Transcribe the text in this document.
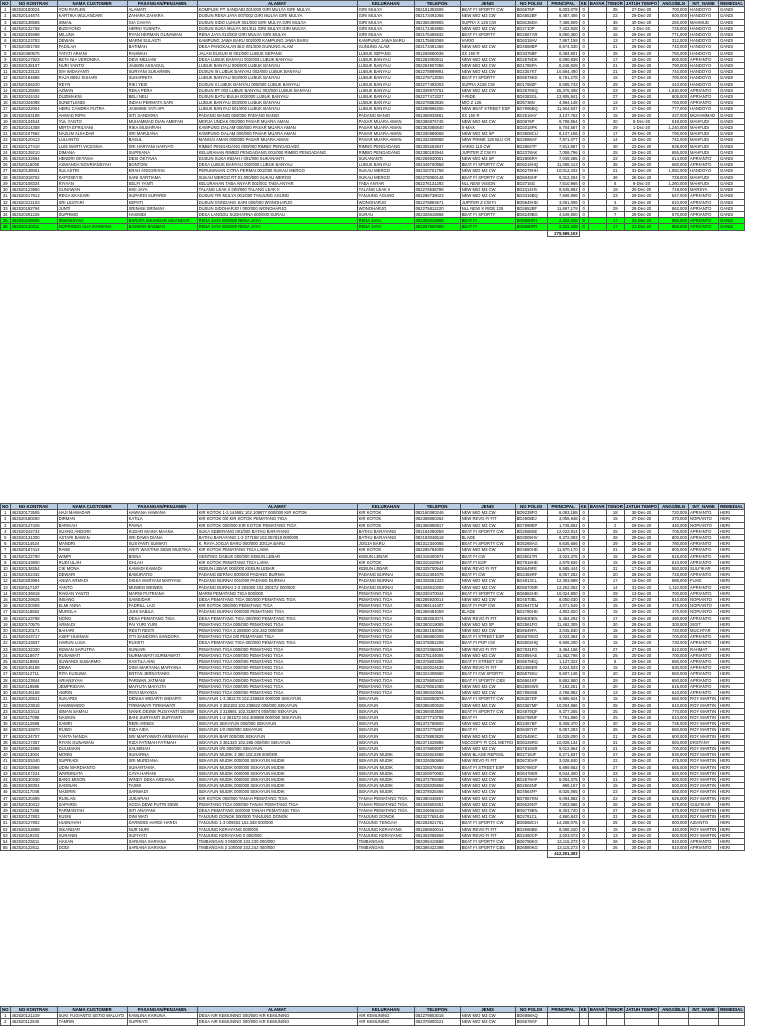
NO	NO KONTRAK	NAMA CUSTOMER	PASANGAN/PENJAMIN	ALAMAT	KELURAHAN	TELEPON	JENIS	NO POLISI	PRINCIPAL	KE	BAYAR	TENOR	JATUH TEMPO	ANGS/BLN	INT_NAME	REMEDIAL
1	462520180024	YON RAFLEN	ALAMATI	KOMPLEK PT SANDABI 001/000 GIRI MULYA GIRI MULYA	GIRI MULYA	082181362508	BEAT FI SPORTY CW	BD6675P	6,003,079	0		35	27-Dec-20	700,000	HANDOYO	GANDI
2	462520144874	KARTIKA WULANDARI	ZAHARA ZAHARA	DUSUN RENA JAYA 007/002 GIRI MULYA GIRI MULYA	GIRI MULYA	082173491066	NEW MIO M3 CW	BD4852BF	8,487,406	0		22	29-Dec-20	600,000	HANDOYO	GANDI
3	462520138585	ISMAIL	GIA CAHYA	DUSUN SIDO LUHUR 001/000 GIRI MULYA GIRI MULYA	GIRI MULYA	082356499993	SUPRA X 125 CW	BD8136DA	7,466,809	0		35	30-Dec-20	250,000	MAHMUD	GANDI
4	462520132758	BUDIYONO	HERNI YUSNITA	DUSUN SUKA MULYA 001/011 GIRI MULYA GIRI MULYA	GIRI MULYA	082172454955	NEW MIO M3 CW	BD2710P	7,422,928	0		28	2-Dec-20	725,000	HANDOYO	GANDI
5	462520109498	MILUNA	RYAN HERMAN GUNAWAN	RENA JAYA 012/003 GIRI MULYA GIRI MULYA	GIRI MULYA	082175465932	BEAT FI SPORTY	BD2567AR	9,060,350	0		15	28-Dec-20	771,000	HANDOYO	GANDI
6	462520123793	DEWAN	MARNI SULASTI	KAMPUNG JAWA BARU 002/000 KAMPUNG JAWA BARU	KAMPUNG JAWA BARU	082175682068	VARIO	BD6318AV	7,867,159	0		13	27-Dec-20	312,000	HANDOYO	GANDI
7	462520401758	FADILAH	BATIMAH	DESA PANGKALAN BIJI 001/000 GUNUNG ALAM	GUNUNG ALAM	082173491466	NEW MIO M3 CW	BD4868BP	6,674,330	0		21	29-Dec-20	740,000	HANDOYO	GANDI
8	462520460575	YATATI ARIANI	RAHMAH	JALAN DUSUN III 001/000 LUBUK SEPANG	LUBUK SEPANG	082269590039	SX 150 R	BD3376BF	8,484,801	0		25	28-Dec-20	750,000	HANDOYO	GANDI
9	462520127923	BETA NIA VERONIKA	DEVI MELIANI	DESA LUBUK BANYAU 002/003 LUBUK BANYAU	LUBUK BANYAU	082282050611	NEW MIO M3 CW	BD2678DK	6,080,838	0		17	18-Dec-20	800,000	APRIANTO	GANDI
10	462520138107	NURI YANTO	JASMIN ASSAGUL	LUBUK BANYAU 006/000 LUBUK BANYAU	LUBUK BANYAU	082284907056	NEW MIO M3 CW	BD1785PA	8,246,928	0		21	26-Dec-20	790,000	HANDOYO	GANDI
11	462520133122	SIH WIDAYANTI	SURYANI SUKARMIN	DUSUN III LUBUK BANYAU 002/000 LUBUK BANYAU	LUBUK BANYAU	082278899991	NEW MIO M3 CW	BD2357KT	10,564,490	0		21	26-Dec-20	740,000	HANDOYO	GANDI
12	462520184866	RAJA IBNU SUHARI	SUHARNITA	LUBUK BANYAU 004/000 LUBUK BANYAU	LUBUK BANYAU	082278713050	BEAT FI SPORTY	BD6879KD	8,761,278	0		18	27-Dec-20	790,000	HANDOYO	GANDI
13	462520166220	REYN	RIKI YESI	DUSUN II LUBUK BANYAU 005/000 LUBUK BANYAU	LUBUK BANYAU	082277492003	SUPRA X125 CW	BD1768ZF	8,085,743	0		29	29-Dec-20	410,000	HANDOYO	GANDI
14	462520125506	AZMAN	REKA PERA	DUSUN RT 003 LUBUK BANYAU 003/000 LUBUK BANYAU	LUBUK BANYAU	082339970751	NEW MIO M3 CW	BD2676KQ	25,376,308	0		23	30-Dec-20	1,630,000	APRIANTO	GANDI
15	462520242424	DUZIMAKNI	BELI NELI	DUSUN BATU BULIH 002/000 LUBUK BANYAU	LUBUK BANYAU	082277473327	Y-RIDE	BD4383GL	13,905,941	0		27	29-Dec-20	805,000	APRIANTO	GANDI
16	462520344088	SUNETLENDI	INDAH PERMATA SARI	LUBUK BANYAU 003/000 LUBUK BANYAU	LUBUK BANYAU	082278883836	MIO Z 125	BD5738N	4,964,148	0		13	15-Dec-20	760,000	APRIANTO	GANDI
17	462520232004	HERU CANDRA PUTRA	JASMINE YATI API	LUBUK BANYAU 001/000 LUBUK BANYAU	LUBUK BANYAU	082288896255	NEW BEAT STREET ESP	BD7995BQ	11,504,537	0		27	17-Dec-20	777,000	HANDOYO	GANDI
18	462520193188	AHMAD RIPAI	SITI SANDORA	PADANG BANIO 000/000 PADANG BANIO	PADANG BANIO	082368833561	SX 150 R	BD2518AY	3,137,762	0		15	28-Dec-20	437,000	MUHAMMAD	GANDI
19	462520134544	YUL YANTO	MUHAMMAD DIAN AMEFAN	MERJA UNDAK 000/000 PASAR MUARA AMAN	PASAR MUARA AMAN	082386876745	NEW MIO M3 CW	BD0876P	9,798,654	0		30	8-Dec-20	548,000	MAHFUDI	GANDI
20	462520214358	MIRTA EFRILYANI	RIKA MUSHFIAH	KAMPUNG DALAM 000/000 PASAR MUARA AMAN	PASAR MUARA AMAN	082363088840	X-MAX	BD2018PK	5,704,567	0		29	1-Dec-20	1,240,000	MAHFUDI	GANDI
21	462520107982	NAZLIM ALKADAR	SRI MARJIANA	KAMPUNG DALAM 000/000 PASAR MUARA AMAN	PASAR MUARA AMAN	082330989068	NEW MIO M3 SP	BD3608CU	8,137,156	0		17	29-Dec-20	790,000	MAHFUDI	GANDI
22	462520120413	LULIANTO	BASUL	MANGAI AMAN 000/000 PASAR MUARA AMAN	PASAR MUARA AMAN	082332208068	NEW PRIME 125 BLU CR	BD2868AF	7,871,077	0		14	15-Dec-20	742,000	MAHFUDI	GANDI
23	462520127410	LUIS MARTI VICESSIA	SRI HARYANI HARYATI	RIMBO PENGADANG 000/000 RIMBO PENGADANG	RIMBO PENGADANG	082305263847	VARIO 110 CW	BD2864TF	7,813,857	0		30	23-Dec-20	835,000	MAHFUDI	GANDI
24	462520139210	DIMANA	SUPRIANA	KELURAHAN RIMBO PENGADANG 001/000 RIMBO PENGADANG	RIMBO PENGADANG	082380193944	JUPITER Z CW FI	BD2378AK	7,058,796	0		25	25-Dec-20	655,000	MAHFUDI	GANDI
25	462520132964	HENDRI OKTAVIA	DESI OKTAVIA	DUSUN SUKA INDAH I 001/000 SUKANANTI	SUKANANTI	082256930051	NEW MIO M3 SP	BD2806RY	7,049,285	0		22	22-Dec-20	614,000	APRIANTO	GANDI
26	462520118006	ASWANDA NOVRIANSYAH	BONTONI	DESA LUBUK BANYAU 002/000 LUBUK BANYAU	LUBUK BANYAU	082349700958	BEAT FI SPORTY CW	BD6219HQ	11,068,413	0		35	29-Dec-20	680,000	APRIANTO	GANDI
27	462520138061	SULASTRI	ERAH ANGGRAINI	PERUMAHAN CITRA PERMAI 001/000 SUKAU MERGO	SUKAU MERGO	082320701758	NEW MIO M3 CW	BD6279HH	10,012,432	0		21	31-Dec-20	1,050,000	HANDOYO	GANDI
28	462520318752	KAPOSEYIS	SANI SARTIAMA	SUKAU MERGO RT 01 000/000 SUKAU MERGO	SUKAU MERGO	082278050146	BEAT FI SPORTY CW	BD6948HF	6,312,204	0		36	26-Dec-20	728,000	MAHFUDI	GANDI
29	462520108324	RIYAAN	SELFI YANTI	KELURAHAN TABA ANYAR 002/001 TABA ANYAR	TABA ANYAR	082276131292	NLL NEW VISION	BD3716G	7,510,966	0		8	8-Dec-20	1,260,000	MAHFUDI	GANDI
30	462520123960	GUNAWAN	KIKI JAYA	TALANG LEAK II 000/000 TALANG LEAK II	TALANG LEAK II	082276536798	NEW MIO M3 CW	BD2414HV	8,545,862	0		19	20-Dec-20	718,000	MARSYA	GANDI
31	462520217913	REGA EKASARI	SUPARDI SUPARDI	DUSUN TRI MULYA 001/000 TANJUNG AGUNG	TANJUNG AGUNG	082286738023	NEW MIO M3 CW	BD3316BQ	7,606,998	0		23	29-Dec-20	547,000	APRIANTO	GANDI
32	462520212103	SRI LESTARI	KEPATI	DUSUN GONDANG SARI 000/000 WONOHARJO	WONOHARJO	082278893571	JUPITER Z CW FI	BD6949HD	3,061,096	0		4	29-Dec-20	810,000	APRIANTO	GANDI
33	462520182794	JUNTI	SRINANI SRINANI	DUSUN SIDOHARJO I 000/000 WONOHARJO	WONOHARJO	082275812220	NLL NEW X RIDE 125	BD3652BF	11,667,179	0		29	28-Dec-20	862,000	APRIANTO	GANDI
34	462520291226	SUPRIMO	HASMIDI	DESA LANGDU SUDHARNA 000/000 SURAU	SURAU	082326618866	BEAT FI SPORTY	BD6249BG	4,649,800	0		7	29-Dec-20	570,000	APRIANTO	GANDI
35	462520108695	IRWANSYAH	BARATA ISKANDAR ISKANDAR	RENA JAYA 000/000 RENA JAYA	RENA JAYA	082353016808	BEAT FI	BD6580FH	2,422,348	0		17	31-Dec-20	860,000	APRIANTO	GANDI
36	462520130311	NOPRINDO ALIA IKHWANA	BASMAN BASMAN	RENA JAYA 000/000 RENA JAYA	RENA JAYA	082257680089	BEAT FI	BD6580FR	2,222,348	0		17	31-Dec-20	860,000	APRIANTO	GANDI
									279,589,103							
NO	NO KONTRAK	NAMA CUSTOMER	PASANGAN/PENJAMIN	ALAMAT	KELURAHAN	TELEPON	JENIS	NO POLISI	PRINCIPAL	KE	BAYAR	TENOR	JATUH TEMPO	ANGS/BLN	INT_NAME	REMEDIAL
1	462520173505	HAJI MAWADAR	HAWANA HAWANA	KIR KOTOK 1-3 144682 102.108677 000/000 KIR KOTOK	KIR KOTOK	082190380246	NEW MIO M3 CW	BD6239FG	6,093,188	0		18	30-Dec-20	720,000	APRIANTO	HERI
2	462520180260	DIRMAN	KATILA	KIR KOTOK 0/0 KIR KOTOK PEMATANG TIGA	KIR KOTOK	082366890264	NEW REVO FI FIT	BD4908EJ	3,055,948	0		15	27-Dec-20	370,000	NOPIANTO	HERI
3	462520127425	BARIKAH	PAVNA	KIR KOTOK 000/000 KIR KOTOK PEMATANG TIGA	KIR KOTOK	082366890817	NEW MIO M3 CW	BD7998EP	1,745,652	0		2	29-Dec-20	440,000	NOPIANTO	HERI
4	462520242734	SUANG ANDORI	KUDAR MAINA MAANA	SUKA SEBERANG 001/000 BATHU BARAYANG	BATHU BARAYANG	082184050059	BEAT FI SPORTY CW	BD2568SE	12,022,914	0		25	29-Dec-20	705,000	APRIANTO	HERI
5	462520131300	ASTARI BAWAN	SRI DAWA DIANA	BATHU BARAYANG 1-3 277158 102.057818 000/000	BATHU BARAYANG	082183046519	BLADE	BD3009HV	9,372,083	0		28	29-Dec-20	800,000	APRIANTO	HERI
6	462520114524	MANDRI	SUSYANTI SUMIATI	K. RAYA JOGJA BARU 000/000 JOGJA BARU	JOGJA BARU	082312340065	BEAT FI SPORTY CW	BD5268AG	9,635,656	0		29	29-Dec-20	780,000	APRIANTO	HERI
7	462520187412	RANE	ANITI WASTINA DEWI MUSTIKA	KIR KOTOK PEMATANG TIGA LAMA	KIR KOTOK	082285784009	NEW MIO M3 CW	BD4860HD	11,870,170	0		31	29-Dec-20	800,000	APRIANTO	HERI
8	462520122790	WIMPI	BISNA	GENTING DABUK 000/000 KEBUN LEBAR	KEBUN LEBAR	082318400974	BEAT FI CW	BD2801TR	3,023,375	0		15	29-Dec-20	615,000	APRIANTO	HERI
9	462520143800	RUDI ULAH	DHLAH	KIR KOTOK PEMATANG TIGA LAMA	KIR KOTOK	082310220847	BEAT FI ESP	BD7818HD	2,679,926	0		15	28-Dec-20	610,000	APRIANTO	HERI
10	462520138354	CIK MONA	KAMADI KAMADI	KEBUN LEBAR 000/000 KEBUN LEBAR	KEBUN LEBAR	082325700544	NEW REVO FI FIT	BD6649FE	6,585,444	0		31	17-Dec-20	550,000	SULFIKAR	HERI
11	462520152432	DEWARI	BABURATIO	PADANG BERNAI 000/000 PADANG BURNAI	PADANG BURNAI	082312404078	BEAT FI CW	BD2484RF	8,057,282	0		20	28-Dec-20	725,000	APRIANTO	HERI
12	462520203994	ANIZA ARMADI	DISKA MARYANI MARYANI	PADANG BURNAI 001/000 PADANG BURNAI	PADANG BURNAI	082328261322	NEW MIO M3 CW	BD4813CL	12,383,888	0		17	15-Dec-20	686,000	FUAD	HERI
13	462520117107	YANTO	MUWEN WEWEN	PADANG BURNAI 1-3 292000 102.200172 000/000	PADANG BURNAI	082326610300	NEW MIO M3 CW	BD5670NR	12,252,052	0		14	31-Dec-20	1,110,000	APRIANTO	HERI
14	462520136818	RAKIAN YANTO	MARNI PUTRIANA	MARNI PEMATANG TIGA 000/000	PEMATANG TIGA	082330470044	BEAT FI SPORTY CW	BD6884HD	10,024,800	0		29	13-Dec-20	700,000	APRIANTO	HERI
15	462520129826	INSANG	SAMSIDAR	DESA PEMATANG TIGA 000/000 PEMATANG TIGA	PEMATANG TIGA	082285920014	NEW MIO M3 CW	BD4570BL	8,050,030	0		18	27-Dec-20	810,000	NOPIANTO	HERI
16	462520100308	ELMI ANNA	FADRILL LAO	KIR KOTOK 000/000 PEMATANG TIGA	PEMATANG TIGA	082366144407	BEAT FI POP CW	BD2647CM	3,071,549	0		15	29-Dec-20	475,000	NOPIANTO	HERI
17	462520118852	MURGLA	JUHI SABILA	PADANG BURNAI 000/000 PEMATANG TIGA	PEMATANG TIGA	082368484059	BLADE	BD4780HD	4,802,820	0		15	29-Dec-20	470,000	NOPIANTO	HERI
18	462520123788	NONO	DESA PEMATANG TIGA	DESA PEMATANG TIGA 000/000 PEMATANG TIGA	PEMATANG TIGA	082383053074	NEW REVO FI FIT	BD6630EN	5,464,292	0		17	29-Dec-20	490,000	APRIANTO	HERI
19	462520170575	ARMADI	PAI YURI YURI	PEMATANG TIGA 000/000 PEMATANG TIGA	PEMATANG TIGA	082380219085	NEW MIO M3 SP	BD2561FG	11,462,305	0		20	28-Dec-20	300,000	SIGIT	HERI
20	462520120171	BAHARI	RESTI RESTI	PEMATANG TIGA 3 259000 102.262 000/000	PEMATANG TIGA	082382182058	NEW MIO M3 CW	BD6649FA	3,045,830	0		15	29-Dec-20	720,000	MUCHTAR	HERI
21	462520243717	ASEP HUSNAN	ITTI SANDORA SANDORA	PEMATANG TIGA 0/0 PEMATANG TIGA	PEMATANG TIGA	082368860309	BEAT FI STREET ESP	BD6879GO	3,033,384	0		15	28-Dec-20	700,000	APRIANTO	HERI
22	462520143837	HARUN LUSA	RUHSTI	DESA PEMATANG TIGA 000/000 PEMATANG TIGA	PEMATANG TIGA	082376062208	BEAT FI POP CW	BD5803HQ	9,608,200	0		15	29-Dec-20	730,000	APRIANTO	HERI
23	462520132330	KEWAN SAPUTRA	SUNIARI	PEMATANG TIGA 000/000 PEMATANG TIGA	PEMATANG TIGA	082372068294	NEW REVO FI FIT	BD7831FG	3,454,156	0		27	27-Dec-20	510,000	RAHMAT	HERI
24	462520118677	RUSAWATI	NURMAWATI SURMAWATI	PEMATANG TIGA 000/000 PEMATANG TIGA	PEMATANG TIGA	082376144006	NEW MIO M3 CW	BD2894AE	11,452,798	0		25	20-Dec-20	700,000	APRIANTO	HERI
25	462520119863	SUWANDI SUBARMO	KASTILA AINI	PEMATANG TIGA 000/000 PEMATANG TIGA	PEMATANG TIGA	082378603356	BEAT FI STREET CW	BD6679KQ	1,137,322	0		8	29-Dec-20	690,000	APRIANTO	HERI
26	462520145168	DEWA	DINA MARYANA MARYANA	PEMATANG TIGA 000/000 PEMATANG TIGA	PEMATANG TIGA	082320024630	NEW REVO FI FIT	BD2466ER	3,024,833	0		15	29-Dec-20	630,000	APRIANTO	HERI
27	462520112711	RITA KUSUMA	ENTAN JERNATANIG	PEMATANG TIGA 000/000 PEMATANG TIGA	PEMATANG TIGA	082323408680	BEAT FI CW SPORTY	BD6879SU	9,607,146	0		20	23-Dec-20	650,000	APRIANTO	HERI
28	462520123844	ARIANSYAH	PARWAN JATMANI	PEMATANG TIGA 000/000 PEMATANG TIGA	PEMATANG TIGA	082378609430	BEAT FI SPORTY CBS	BD6661RF	8,692,860	0		29	29-Dec-20	650,000	APRIANTO	HERI
29	462520119885	JEMPRIDAYA	MAIYUTA MAIYUTA	PEMATANG TIGA 000/000 PEMATANG TIGA	PEMATANG TIGA	082378061068	NEW MIO M3 CW	BD2894WX	7,163,251	0		20	22-Dec-20	615,000	APRIANTO	HERI
30	462520145168	AMRIN	ROVI MAYADA	PEMATANG TIGA 000/000 PEMATANG TIGA	PEMATANG TIGA	082389320064	NEW MIO M3 CW	BD7859SB	2,766,882	0		13	28-Dec-20	610,000	APRIANTO	HERI
31	462520128521	SUKARDI	DENISA WIDARTI WIDARTI	SEKAYUN 1-3 382178 102.239620 000/000 SEKAYUN	SEKAYUN	082326050979	BEAT FI SPORTY CW	BD5367DF	9,865,924	0		15	29-Dec-20	550,000	ROY MARTIN	HERI
32	462520123818	HAMIMANDO	TIRMAWATI TIRMAWATI	SEKAYUN 3 382183 102.239622 000/000 SEKAYUN	SEKAYUN	082388400628	NEW MIO M3 CW	BD3367MF	10,004,866	0		25	30-Dec-20	610,000	ROY MARTIN	HERI
33	462520103414	ISMAN SAMAU	NANIK DESWI PUSIYANTI DESWI	SEKAYUN 3 318891 102.318874 000/000 SEKAYUN	SEKAYUN	082369403508	BEAT FI SPORTY CW	BD4879QF	9,377,265	0		25	28-Dec-20	770,000	ROY MARTIN	HERI
34	462520117098	NASIKIN	BAHI SURYANTI SURYANTI	SEKAYUN 1-3 381573 102.308998 000/000 SEKAYUN	SEKAYUN	082377710786	BEAT FI	BD6798NF	7,761,896	0		25	28-Dec-20	610,000	ROY MARTIN	HERI
35	462520112869	SAMRI	RERI ARNES	SEKAYUN SEKAYUN 000/000 SEKAYUN	SEKAYUN	082372768500	NEW MIO M3 CW	BD2457BF	8,408,470	0		20	28-Dec-20	735,000	ROY MARTIN	HERI
36	462520132870	RUSDI	RIZA AIDA	SEKAYUN 1/0 000/000 SEKAYUN	SEKAYUN	082372779487	BEAT FI	BD6487HT	6,057,283	0		25	29-Dec-20	560,000	ROY MARTIN	HERI
37	462520134707	YANTA NANDA	SRI MARYAWATI ARMAYANAH	SEKAYUN BAR 000/000 SEKAYUN	SEKAYUN	082378863828	NEW MIO M3 CW	BD2548KC	10,025,000	0		21	28-Dec-20	800,000	ROY MARTIN	HERI
38	462520127367	RIYAN GUNAWAN	RIZA FATIMAH FATIMAH	SEKAYUN 3 361320 102.285 000/000 SEKAYUN	SEKAYUN	082371628886	NSCOOPY FI COL METRO	BD6325RG	10,026,134	0		31	25-Dec-20	560,000	ERSTANY	HERI
39	462520121868	DULMAKIN	SALMINAH	SEKAYUN 0/0 000/000 SEKAYUN	SEKAYUN	082379809087	NEW MIO M3 CW	BD7816SR	9,012,864	0		21	29-Dec-20	700,000	ROY MARTIN	HERI
40	462520113004	MONKI	SUHARNA	SEKAYUN MUDIK 3 380 102.236 000/000	SEKAYUN MUDIK	082326024668	NEW BLADE REPSOL	BD2718JF	8,271,837	0		27	25-Dec-20	630,000	ROY MARTIN	HERI
41	462520105340	SUPRIADI	SRI MURDANA	SEKAYUN MUDIK 000/000 SEKAYUN MUDIK	SEKAYUN MUDIK	082326050958	NEW REVO FI FIT	BD6730AP	3,028,840	0		22	29-Dec-20	475,000	ROY MARTIN	HERI
42	462520102966	UDIN WARDIANTO	SUHARTAMA	SEKAYUN MUDIK 000/000 SEKAYUN MUDIK	SEKAYUN MUDIK	082328376460	BEAT FI STREET ESP	BD6798GF	6,899,662	0		27	29-Dec-20	665,000	ROY MARTIN	HERI
43	462520107224	WARDINATA	CAYA HARANI	SEKAYUN MUDIK 000/000 SEKAYUN MUDIK	SEKAYUN MUDIK	082329070082	NEW MIO M3 CW	BD6478KR	8,044,300	0		23	28-Dec-20	620,000	ROY MARTIN	HERI
44	462520130330	BANG MISON	WINDY DEKA ARDIANA	SEKAYUN MUDIK 000/000 SEKAYUN MUDIK	SEKAYUN MUDIK	082372789468	NEW MIO M3 CW	BD2679AP	8,004,375	0		21	28-Dec-20	600,000	ROY MARTIN	HERI
45	462520108304	SADINAN	TASMI	SEKAYUN MUDIK 000/000 SEKAYUN MUDIK	SEKAYUN MUDIK	082326035958	NEW MIO M3 CW	BD2604NF	896,157	0		15	29-Dec-20	500,000	ROY MARTIN	HERI
46	462520117048	NASIRIN	SARWADI	SEKAYUN MUDIK 000/000 SEKAYUN MUDIK	SEKAYUN MUDIK	082378025466	NEW MIO M3 CW	BD4564FP	8,025,065	0		23	29-Dec-20	550,000	ROY MARTIN	HERI
47	462520120495	RUSLAN	JUKAPIAH	KIR KOTOK 000/000 TANAH PEMATANG TIGA	TANAH PEMATANG TIGA	082380446557	NEW MIO M3 CW	BD7867KM	9,094,882	0		22	28-Dec-20	625,000	ROY MARTIN	HERI
48	462520130412	SAPARDI	AGGA DEWI PUTRI DEWI	PEMATANG TIGA 000/000 TANAH PEMATANG TIGA	TANAH PEMATANG TIGA	082326602051	NEW MIO M3 CW	BD6529NT	7,903,666	0		28	29-Dec-20	575,000	SULFIKAR	HERI
49	462520117256	PARMANTAH	SITI ANAYANI	DESA PEMATANG 000/000 TANAH PEMATANG TIGA	TANAH PEMATANG TIGA	082346063418	NEW MIO M3 CW	BD6778EN	8,403,720	0		27	29-Dec-20	670,000	ROY MARTIN	HERI
50	462520127802	KUSNI	DINI WATI	TANJUNG DONOK 000/000 TANJUNG DONOK	TANJUNG DONOK	082327765148	NEW MIO M3 CW	BD2761CL	4,860,843	0		31	29-Dec-20	620,000	ROY MARTIN	HERI
51	462520127802	HUSNAYAH	DARMODI HARDI HARDI	TANJUNG 1-3 009402 102.338 000/000	TANJUNG TENGAH	082282821761	BEAT FI SPORTY CW	BD6868CH	14,268,076	0		25	28-Dec-20	800,000	AZIANTO	HERI
52	462520102698	ISKANDAR	NUR NURI	TANJUNG KERAYANG 000/000	TANJUNG KERAYANG	082288840014	NEW REVO FI FIT	BD2566BD	8,068,220	0		15	29-Dec-20	440,000	ROY MARTIN	HERI
53	462520119203	SURANIN	SUFIYATI	TANJUNG KERAYANG 0 000/000	TANJUNG KERAYANG	082352065558	NEW REVO FI FIT	BD2460CP	3,003,073	0		13	28-Dec-20	500,000	ROY MARTIN	HERI
54	462520125611	HASAN	SARIANA SARIANA	TIMBANGAN 3 050000 102.230 000/000	TIMBANGAN	082396410588	BEAT FI SPORTY CW	BD6798KG	13,115,273	0		26	30-Dec-20	810,000	APRIANTO	HERI
55	462520122811	DODI	SARIANA SARIANA	TIMBANGAN 3 100000 102.242 000/000	TIMBANGAN	082386422398	BEAT FI SPORTY CBS	BD6880KG	13,115,273	0		26	30-Dec-20	810,000	APRIANTO	HERI
									412,291,303							
NO	NO KONTRAK	NAMA CUSTOMER	PASANGAN/PENJAMIN	ALAMAT	KELURAHAN	TELEPON	JENIS	NO POLISI	PRINCIPAL	KE	BAYAR	TENOR	JATUH TEMPO	ANGS/BLN	INT_NAME	REMEDIAL
1	462520121229	SUKI YUGIANTO SETIO WALUYO	KAMLINA KARUNA	DESA AIR KEMUNING 000/000 AIR KEMUNING	AIR KEMUNING	082279803018	NEW MIO M3 CW	BD6698AQ								
2	462520112840	TAMRIN	SUPRIATI	DESA AIR KEMUNING 000/000 AIR KEMUNING	AIR KEMUNING	082378800221	NEW MIO M3 CW	BD6678AF								
